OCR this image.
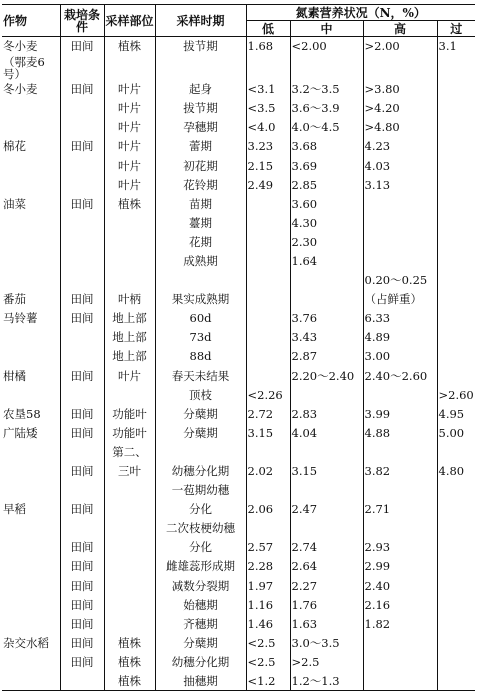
作物	栽培条件	采样部位	采样时期	氮素营养状况（N，%）			
				低	中	高	过
冬小麦	田间	植株	拔节期	1.68	<2.00	>2.00	3.1
（鄂麦6号）							
冬小麦	田间	叶片	起身	<3.1	3.2～3.5	>3.80	
		叶片	拔节期	<3.5	3.6～3.9	>4.20	
		叶片	孕穗期	<4.0	4.0～4.5	>4.80	
棉花	田间	叶片	蕾期	3.23	3.68	4.23	
		叶片	初花期	2.15	3.69	4.03	
		叶片	花铃期	2.49	2.85	3.13	
油菜	田间	植株	苗期		3.60		
			薹期		4.30		
			花期		2.30		
			成熟期		1.64		
						0.20～0.25	
番茄	田间	叶柄	果实成熟期			（占鲜重）	
马铃薯	田间	地上部	60d		3.76	6.33	
		地上部	73d		3.43	4.89	
		地上部	88d		2.87	3.00	
柑橘	田间	叶片	春天未结果		2.20～2.40	2.40～2.60	
			顶枝	<2.26			>2.60
农垦58	田间	功能叶	分蘖期	2.72	2.83	3.99	4.95
广陆矮	田间	功能叶	分蘖期	3.15	4.04	4.88	5.00
		第二、					
	田间	三叶	幼穗分化期	2.02	3.15	3.82	4.80
			一苞期幼穗				
早稻	田间		分化	2.06	2.47	2.71	
			二次枝梗幼穗				
	田间		分化	2.57	2.74	2.93	
	田间		雌雄蕊形成期	2.28	2.64	2.99	
	田间		减数分裂期	1.97	2.27	2.40	
	田间		始穗期	1.16	1.76	2.16	
	田间		齐穗期	1.46	1.63	1.82	
杂交水稻	田间	植株	分蘖期	<2.5	3.0～3.5		
	田间	植株	幼穗分化期	<2.5	>2.5		
		植株	抽穗期	<1.2	1.2～1.3		
